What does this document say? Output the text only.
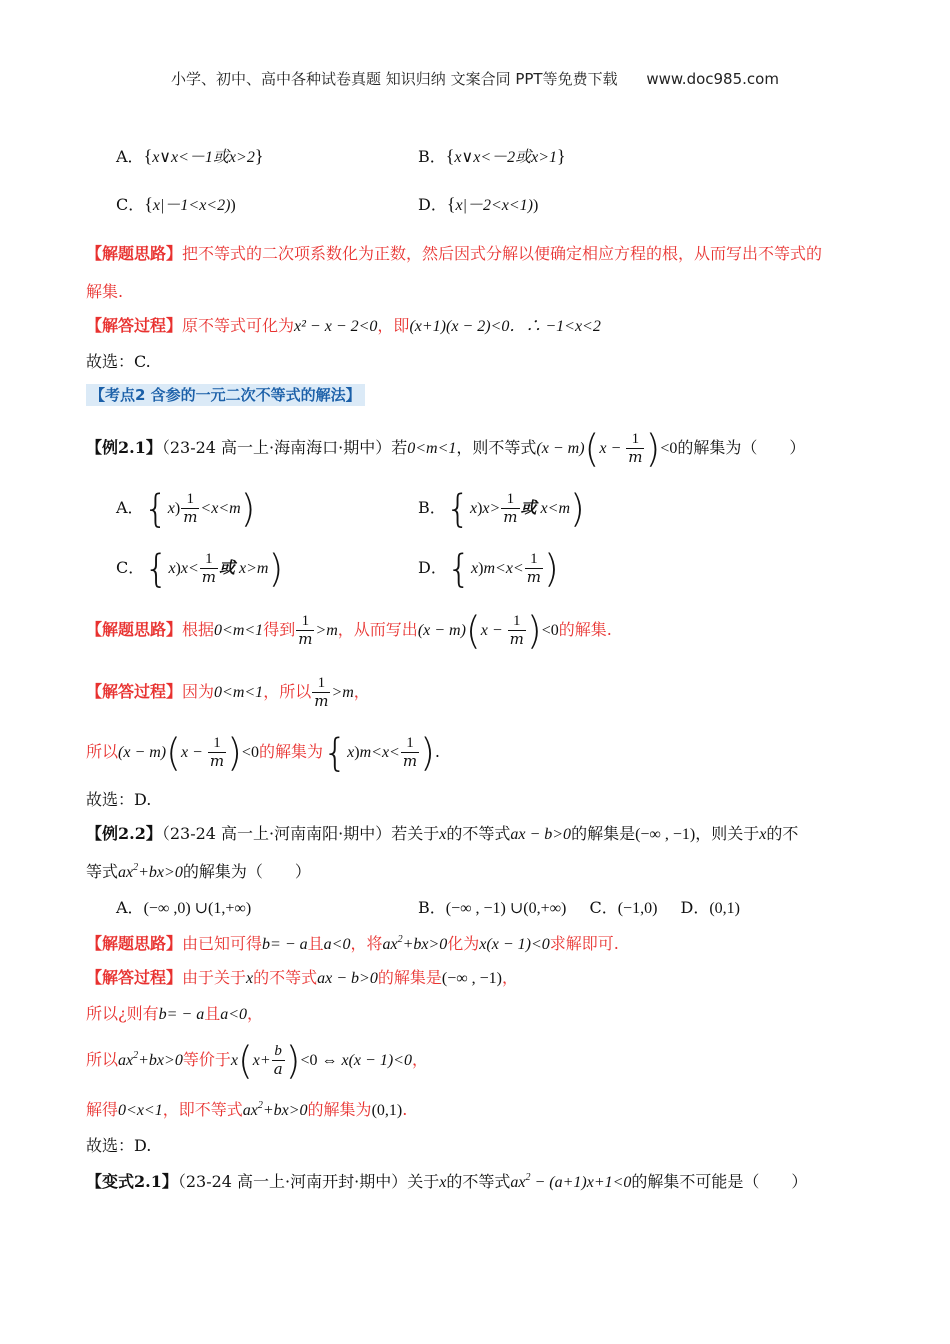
小学、初中、高中各种试卷真题 知识归纳 文案合同 PPT等免费下载 www.doc985.com
A．{x∨x<－1或x>2}	B．{x∨x<－2或x>1}
C．{x|－1<x<2))	D．{x|－2<x<1))
【解题思路】把不等式的二次项系数化为正数，然后因式分解以便确定相应方程的根，从而写出不等式的
解集.
【解答过程】原不等式可化为x² − x − 2<0，即(x+1)(x − 2)<0．∴ −1<x<2
故选：C.
【考点2 含参的一元二次不等式的解法】
【例2.1】（23-24 高一上·海南海口·期中）若0<m<1，则不等式$(x - m)(x - \frac{1}{m} )<0$的解集为（　　）
A．$\{x) \frac{1}{m} <x<m$)	B．$\{x)x> \frac{1}{m}$ 或 x<m)
C．$\{x)x< \frac{1}{m}$ 或 x>m)	D．$\{x)m<x< \frac{1}{m}$ )
【解题思路】根据0<m<1得到 $\frac{1}{m} >m$，从而写出$(x - m)(x - \frac{1}{m} )<0$的解集.
【解答过程】因为0<m<1，所以 $\frac{1}{m} >m$，
所以$(x - m)(x - \frac{1}{m} )<0$的解集为$\{x)m<x< \frac{1}{m}$ ).
故选：D.
【例2.2】（23-24 高一上·河南南阳·期中）若关于x的不等式ax − b>0的解集是(−∞ , −1)，则关于x的不
等式$ax^2+bx>0$的解集为（　　）
A．(−∞ ,0) ∪(1,+∞)	B．(−∞ , −1) ∪(0,+∞) C．(−1,0) D．(0,1)
【解题思路】由已知可得b= − a且a<0，将$ax^2+bx>0$化为x(x − 1)<0求解即可.
【解答过程】由于关于x的不等式ax − b>0的解集是(−∞ , −1)，
所以¿则有b= − a且a<0，
所以$ax^2+bx>0$等价于$x(x+ \frac{b}{a} )<0$ ⇔ x(x − 1)<0，
解得0<x<1，即不等式$ax^2+bx>0$的解集为(0,1).
故选：D.
【变式2.1】（23-24 高一上·河南开封·期中）关于x的不等式$ax^2 - (a+1)x+1<0$的解集不可能是（　　）
